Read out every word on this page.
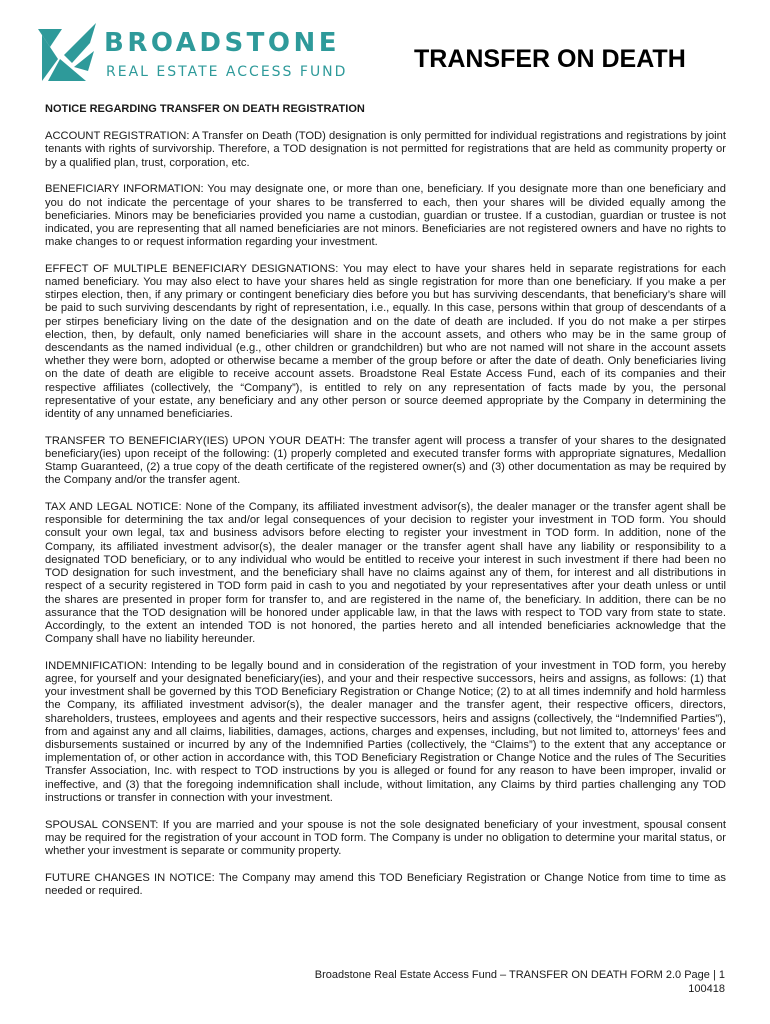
BROADSTONE
REAL ESTATE ACCESS FUND	TRANSFER ON DEATH

NOTICE REGARDING TRANSFER ON DEATH REGISTRATION

ACCOUNT REGISTRATION: A Transfer on Death (TOD) designation is only permitted for individual registrations and registrations by joint tenants with rights of survivorship. Therefore, a TOD designation is not permitted for registrations that are held as community property or by a qualified plan, trust, corporation, etc.

BENEFICIARY INFORMATION: You may designate one, or more than one, beneficiary. If you designate more than one beneficiary and you do not indicate the percentage of your shares to be transferred to each, then your shares will be divided equally among the beneficiaries. Minors may be beneficiaries provided you name a custodian, guardian or trustee. If a custodian, guardian or trustee is not indicated, you are representing that all named beneficiaries are not minors. Beneficiaries are not registered owners and have no rights to make changes to or request information regarding your investment.

EFFECT OF MULTIPLE BENEFICIARY DESIGNATIONS: You may elect to have your shares held in separate registrations for each named beneficiary. You may also elect to have your shares held as single registration for more than one beneficiary. If you make a per stirpes election, then, if any primary or contingent beneficiary dies before you but has surviving descendants, that beneficiary’s share will be paid to such surviving descendants by right of representation, i.e., equally. In this case, persons within that group of descendants of a per stirpes beneficiary living on the date of the designation and on the date of death are included. If you do not make a per stirpes election, then, by default, only named beneficiaries will share in the account assets, and others who may be in the same group of descendants as the named individual (e.g., other children or grandchildren) but who are not named will not share in the account assets whether they were born, adopted or otherwise became a member of the group before or after the date of death. Only beneficiaries living on the date of death are eligible to receive account assets. Broadstone Real Estate Access Fund, each of its companies and their respective affiliates (collectively, the “Company”), is entitled to rely on any representation of facts made by you, the personal representative of your estate, any beneficiary and any other person or source deemed appropriate by the Company in determining the identity of any unnamed beneficiaries.

TRANSFER TO BENEFICIARY(IES) UPON YOUR DEATH: The transfer agent will process a transfer of your shares to the designated beneficiary(ies) upon receipt of the following: (1) properly completed and executed transfer forms with appropriate signatures, Medallion Stamp Guaranteed, (2) a true copy of the death certificate of the registered owner(s) and (3) other documentation as may be required by the Company and/or the transfer agent.

TAX AND LEGAL NOTICE: None of the Company, its affiliated investment advisor(s), the dealer manager or the transfer agent shall be responsible for determining the tax and/or legal consequences of your decision to register your investment in TOD form. You should consult your own legal, tax and business advisors before electing to register your investment in TOD form. In addition, none of the Company, its affiliated investment advisor(s), the dealer manager or the transfer agent shall have any liability or responsibility to a designated TOD beneficiary, or to any individual who would be entitled to receive your interest in such investment if there had been no TOD designation for such investment, and the beneficiary shall have no claims against any of them, for interest and all distributions in respect of a security registered in TOD form paid in cash to you and negotiated by your representatives after your death unless or until the shares are presented in proper form for transfer to, and are registered in the name of, the beneficiary. In addition, there can be no assurance that the TOD designation will be honored under applicable law, in that the laws with respect to TOD vary from state to state. Accordingly, to the extent an intended TOD is not honored, the parties hereto and all intended beneficiaries acknowledge that the Company shall have no liability hereunder.

INDEMNIFICATION: Intending to be legally bound and in consideration of the registration of your investment in TOD form, you hereby agree, for yourself and your designated beneficiary(ies), and your and their respective successors, heirs and assigns, as follows: (1) that your investment shall be governed by this TOD Beneficiary Registration or Change Notice; (2) to at all times indemnify and hold harmless the Company, its affiliated investment advisor(s), the dealer manager and the transfer agent, their respective officers, directors, shareholders, trustees, employees and agents and their respective successors, heirs and assigns (collectively, the “Indemnified Parties”), from and against any and all claims, liabilities, damages, actions, charges and expenses, including, but not limited to, attorneys’ fees and disbursements sustained or incurred by any of the Indemnified Parties (collectively, the “Claims”) to the extent that any acceptance or implementation of, or other action in accordance with, this TOD Beneficiary Registration or Change Notice and the rules of The Securities Transfer Association, Inc. with respect to TOD instructions by you is alleged or found for any reason to have been improper, invalid or ineffective, and (3) that the foregoing indemnification shall include, without limitation, any Claims by third parties challenging any TOD instructions or transfer in connection with your investment.

SPOUSAL CONSENT: If you are married and your spouse is not the sole designated beneficiary of your investment, spousal consent may be required for the registration of your account in TOD form. The Company is under no obligation to determine your marital status, or whether your investment is separate or community property.

FUTURE CHANGES IN NOTICE: The Company may amend this TOD Beneficiary Registration or Change Notice from time to time as needed or required.

Broadstone Real Estate Access Fund – TRANSFER ON DEATH FORM 2.0 Page | 1
100418
